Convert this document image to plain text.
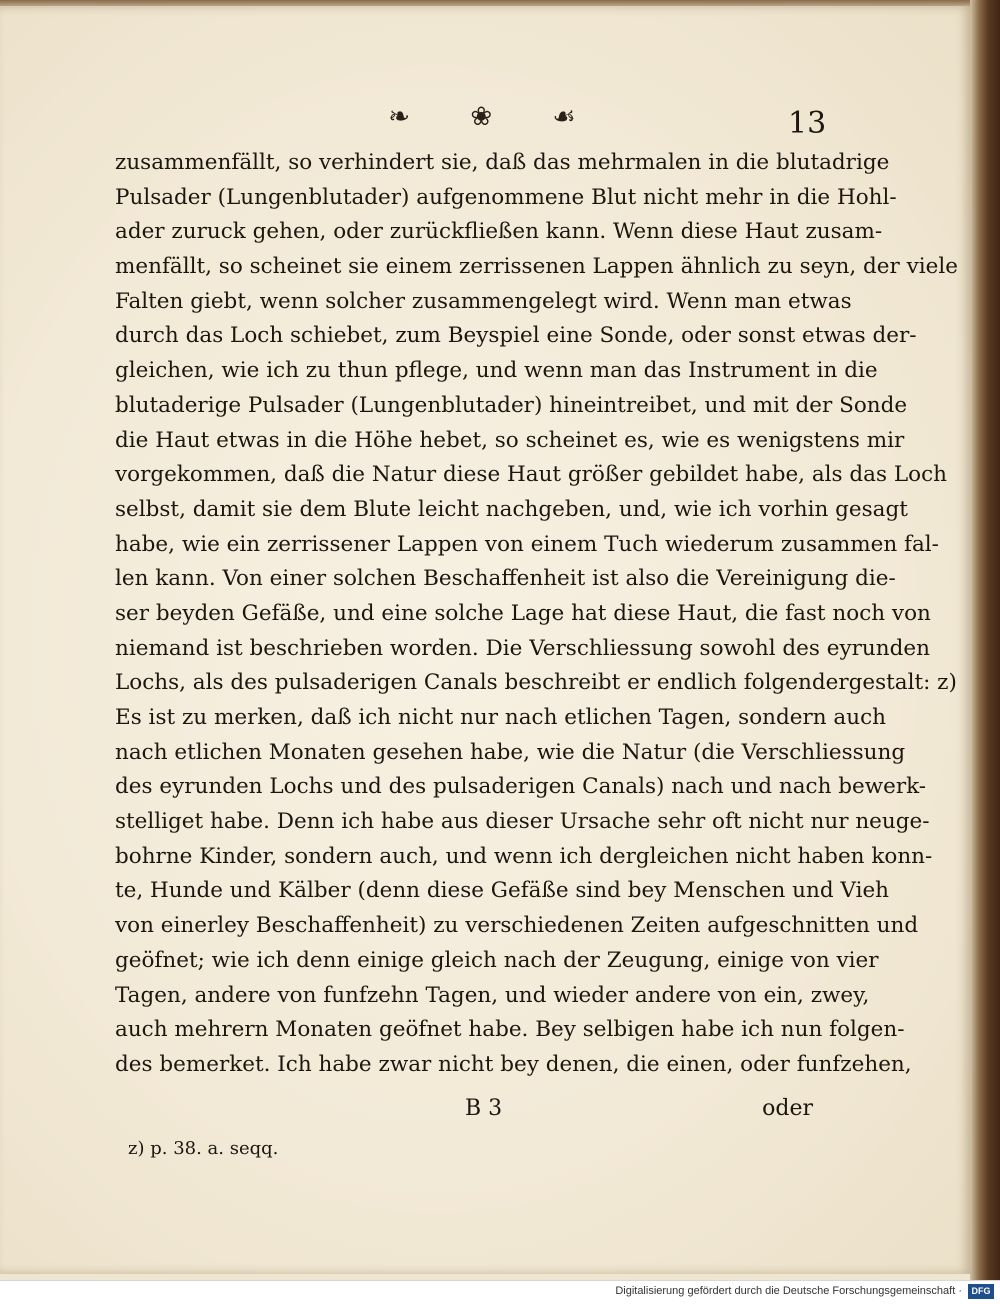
❧ ❀ ☙	13
zusammenfällt, so verhindert sie, daß das mehrmalen in die blutadrige
Pulsader (Lungenblutader) aufgenommene Blut nicht mehr in die Hohl-
ader zuruck gehen, oder zurückfließen kann. Wenn diese Haut zusam-
menfällt, so scheinet sie einem zerrissenen Lappen ähnlich zu seyn, der viele
Falten giebt, wenn solcher zusammengelegt wird. Wenn man etwas
durch das Loch schiebet, zum Beyspiel eine Sonde, oder sonst etwas der-
gleichen, wie ich zu thun pflege, und wenn man das Instrument in die
blutaderige Pulsader (Lungenblutader) hineintreibet, und mit der Sonde
die Haut etwas in die Höhe hebet, so scheinet es, wie es wenigstens mir
vorgekommen, daß die Natur diese Haut größer gebildet habe, als das Loch
selbst, damit sie dem Blute leicht nachgeben, und, wie ich vorhin gesagt
habe, wie ein zerrissener Lappen von einem Tuch wiederum zusammen fal-
len kann. Von einer solchen Beschaffenheit ist also die Vereinigung die-
ser beyden Gefäße, und eine solche Lage hat diese Haut, die fast noch von
niemand ist beschrieben worden. Die Verschliessung sowohl des eyrunden
Lochs, als des pulsaderigen Canals beschreibt er endlich folgendergestalt: z)
Es ist zu merken, daß ich nicht nur nach etlichen Tagen, sondern auch
nach etlichen Monaten gesehen habe, wie die Natur (die Verschliessung
des eyrunden Lochs und des pulsaderigen Canals) nach und nach bewerk-
stelliget habe. Denn ich habe aus dieser Ursache sehr oft nicht nur neuge-
bohrne Kinder, sondern auch, und wenn ich dergleichen nicht haben konn-
te, Hunde und Kälber (denn diese Gefäße sind bey Menschen und Vieh
von einerley Beschaffenheit) zu verschiedenen Zeiten aufgeschnitten und
geöfnet; wie ich denn einige gleich nach der Zeugung, einige von vier
Tagen, andere von funfzehn Tagen, und wieder andere von ein, zwey,
auch mehrern Monaten geöfnet habe. Bey selbigen habe ich nun folgen-
des bemerket. Ich habe zwar nicht bey denen, die einen, oder funfzehen,
B 3	oder
z) p. 38. a. seqq.
Digitalisierung gefördert durch die Deutsche Forschungsgemeinschaft ·	DFG
